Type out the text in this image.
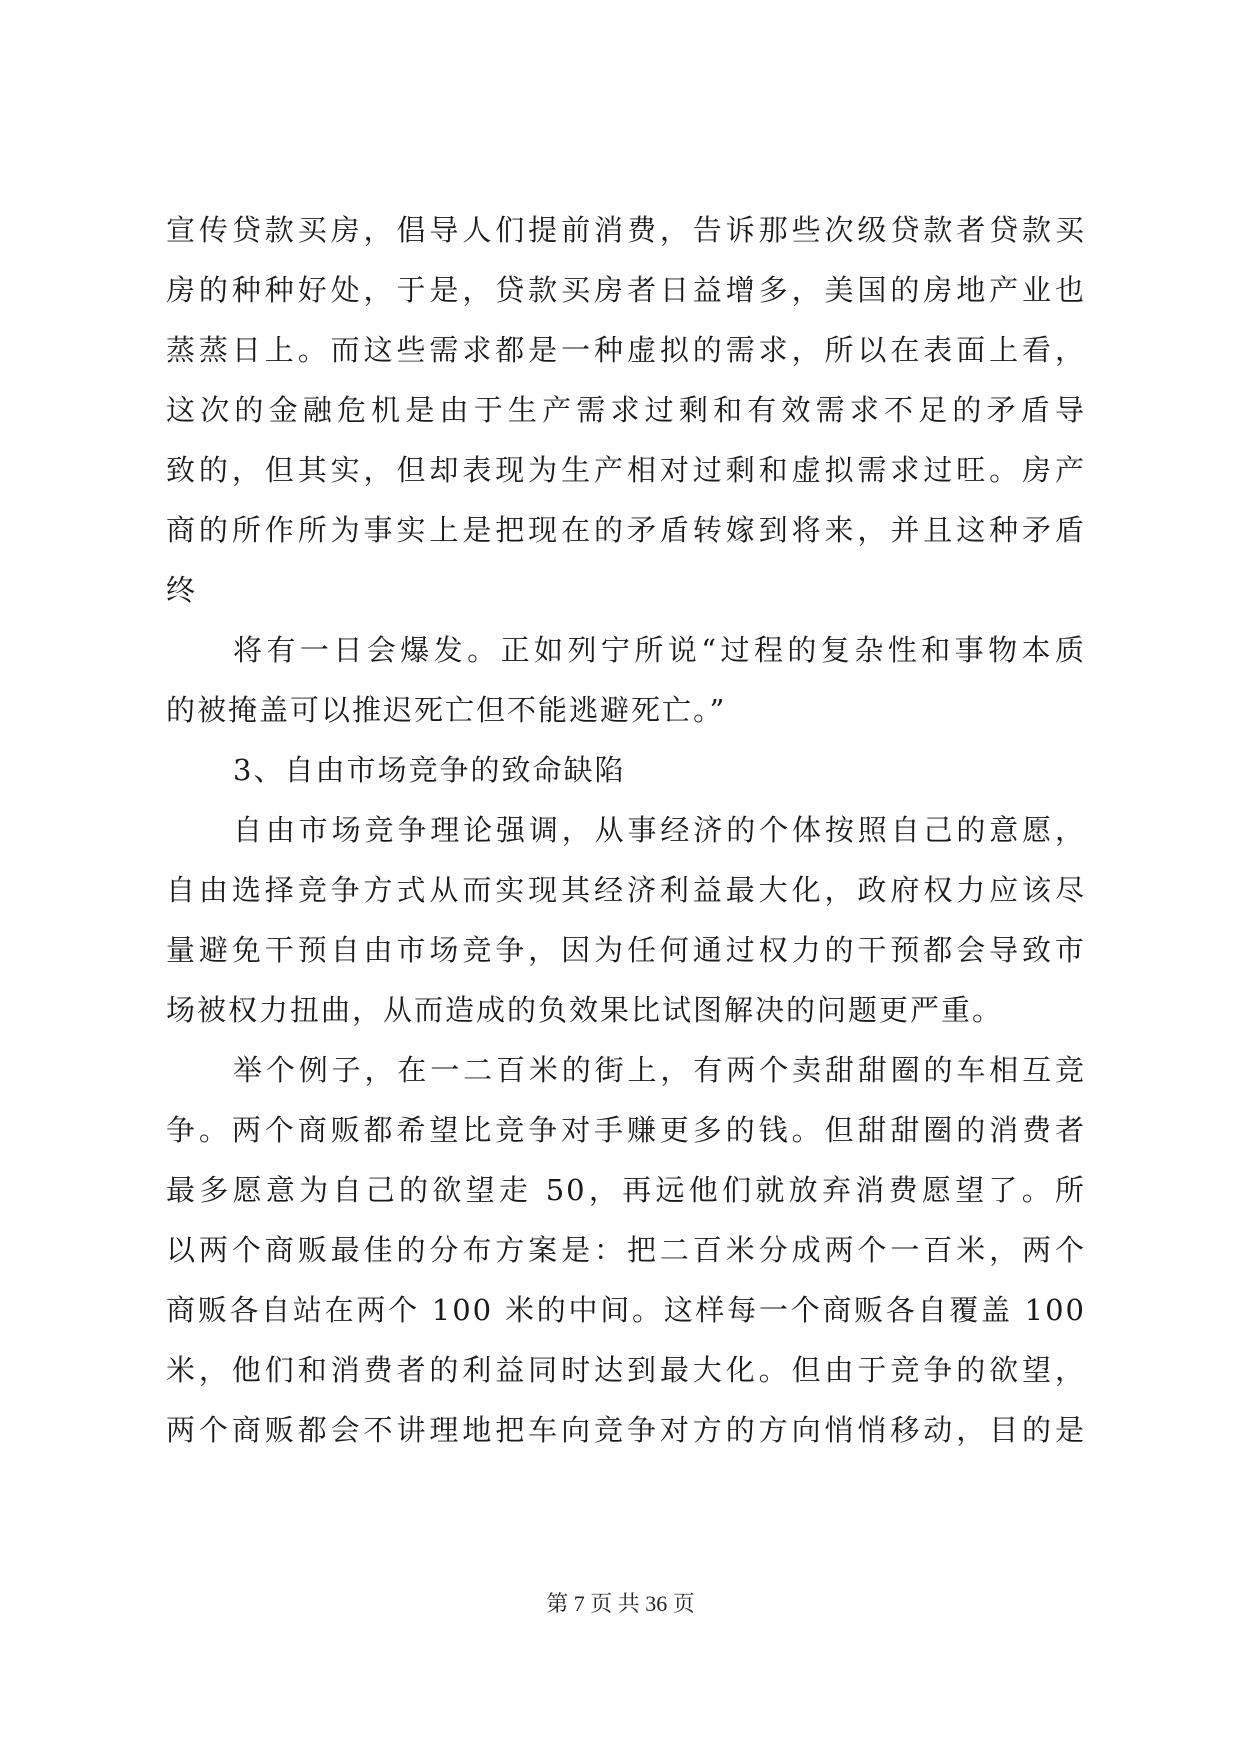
宣传贷款买房，倡导人们提前消费，告诉那些次级贷款者贷款买
房的种种好处，于是，贷款买房者日益增多，美国的房地产业也
蒸蒸日上。而这些需求都是一种虚拟的需求，所以在表面上看，
这次的金融危机是由于生产需求过剩和有效需求不足的矛盾导
致的，但其实，但却表现为生产相对过剩和虚拟需求过旺。房产
商的所作所为事实上是把现在的矛盾转嫁到将来，并且这种矛盾
终
将有一日会爆发。正如列宁所说“过程的复杂性和事物本质
的被掩盖可以推迟死亡但不能逃避死亡。”
3、自由市场竞争的致命缺陷
自由市场竞争理论强调，从事经济的个体按照自己的意愿，
自由选择竞争方式从而实现其经济利益最大化，政府权力应该尽
量避免干预自由市场竞争，因为任何通过权力的干预都会导致市
场被权力扭曲，从而造成的负效果比试图解决的问题更严重。
举个例子，在一二百米的街上，有两个卖甜甜圈的车相互竞
争。两个商贩都希望比竞争对手赚更多的钱。但甜甜圈的消费者
最多愿意为自己的欲望走 50，再远他们就放弃消费愿望了。所
以两个商贩最佳的分布方案是：把二百米分成两个一百米，两个
商贩各自站在两个 100 米的中间。这样每一个商贩各自覆盖 100
米，他们和消费者的利益同时达到最大化。但由于竞争的欲望，
两个商贩都会不讲理地把车向竞争对方的方向悄悄移动，目的是
第 7 页 共 36 页
